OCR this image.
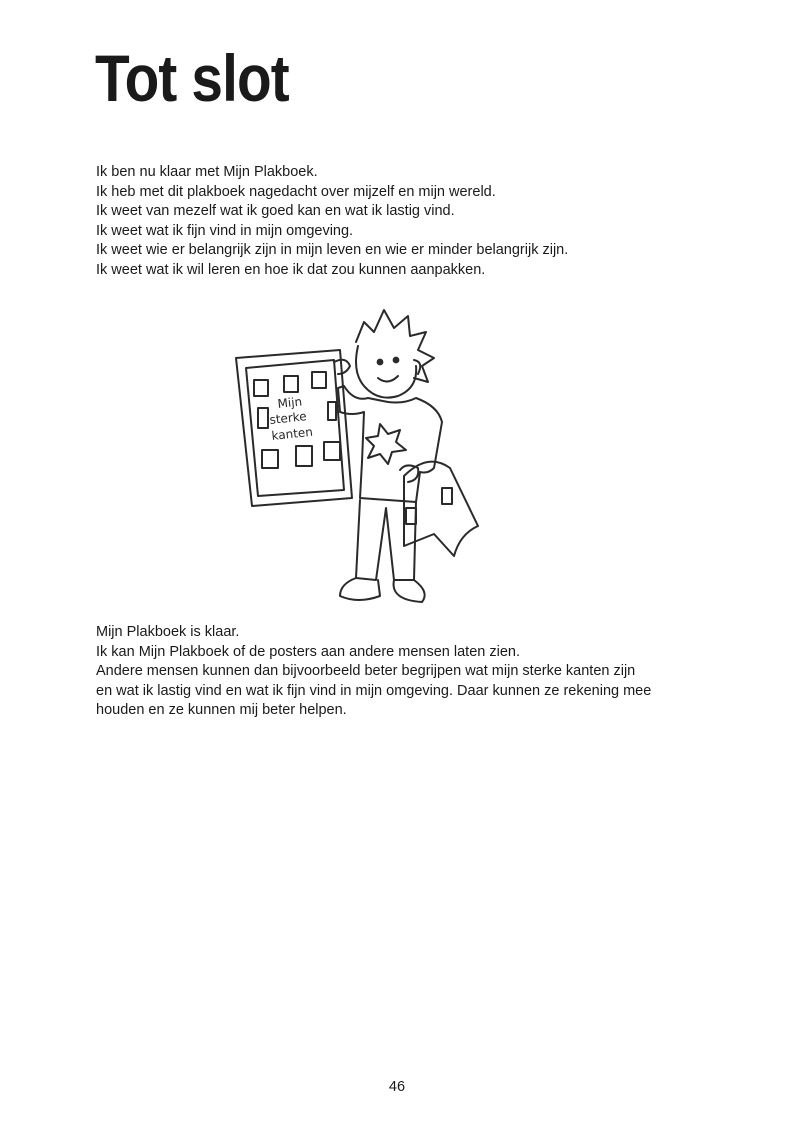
Tot slot
Ik ben nu klaar met Mijn Plakboek.
Ik heb met dit plakboek nagedacht over mijzelf en mijn wereld.
Ik weet van mezelf wat ik goed kan en wat ik lastig vind.
Ik weet wat ik fijn vind in mijn omgeving.
Ik weet wie er belangrijk zijn in mijn leven en wie er minder belangrijk zijn.
Ik weet wat ik wil leren en hoe ik dat zou kunnen aanpakken.
Mijn
sterke
kanten
Mijn Plakboek is klaar.
Ik kan Mijn Plakboek of de posters aan andere mensen laten zien.
Andere mensen kunnen dan bijvoorbeeld beter begrijpen wat mijn sterke kanten zijn
en wat ik lastig vind en wat ik fijn vind in mijn omgeving. Daar kunnen ze rekening mee
houden en ze kunnen mij beter helpen.
46
